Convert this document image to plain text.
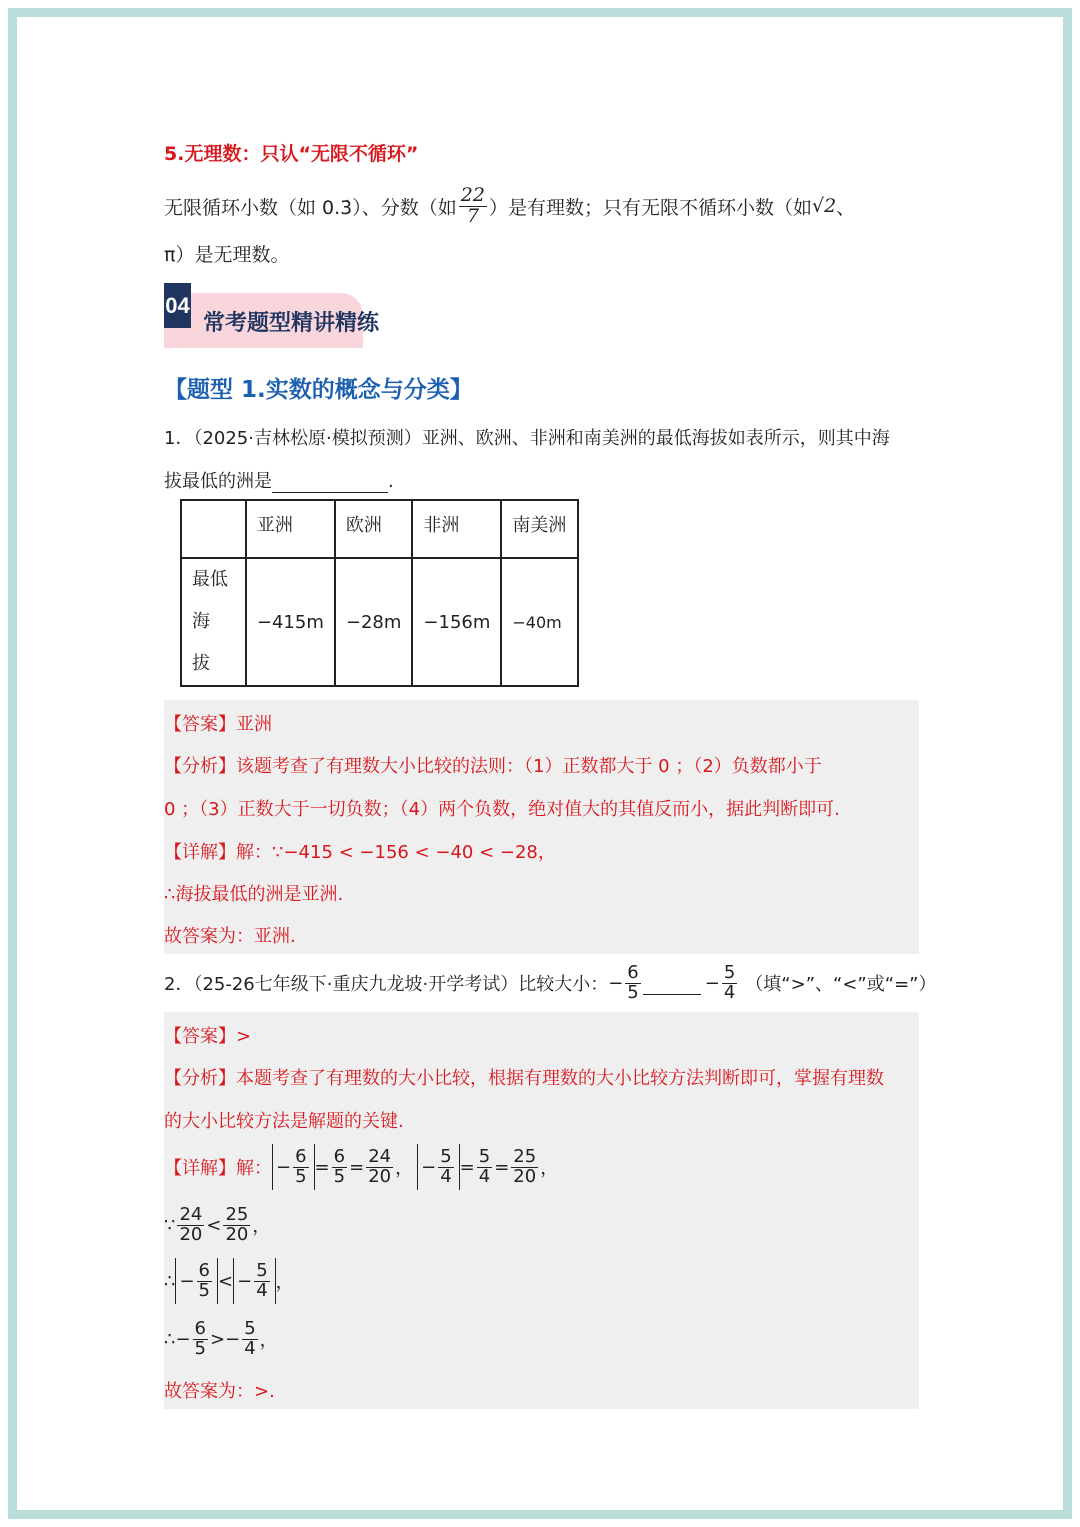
5.无理数：只认“无限不循环”
无限循环小数（如 0.3̇）、分数（如 $\frac{22}{7}$ ）是有理数；只有无限不循环小数（如 √2 、
π）是无理数。
04
常考题型精讲精练
【题型 1.实数的概念与分类】
1．（2025·吉林松原·模拟预测）亚洲、欧洲、非洲和南美洲的最低海拔如表所示，则其中海
拔最低的洲是	.
	亚洲	欧洲	非洲	南美洲

最低海
拔	−415m	−28m	−156m	−40m
【答案】亚洲
【分析】该题考查了有理数大小比较的法则：（1）正数都大于 0 ；（2）负数都小于
0 ；（3）正数大于一切负数；（4）两个负数，绝对值大的其值反而小，据此判断即可.
【详解】解：∵−415 < −156 < −40 < −28，
∴海拔最低的洲是亚洲.
故答案为：亚洲.
2．（25-26七年级下·重庆九龙坡·开学考试）比较大小： − $\frac{6}{5}$	− $\frac{5}{4}$ （填“>”、“<”或“=”）
【答案】>
【分析】本题考查了有理数的大小比较，根据有理数的大小比较方法判断即可，掌握有理数
的大小比较方法是解题的关键.
【详解】 解： − $\frac{6}{5} = \frac{6}{5} = \frac{24}{20}$ ， − $\frac{5}{4} = \frac{5}{4} = \frac{25}{20}$ ，
∵ $\frac{24}{20} < \frac{25}{20}$ ，
∴ − $\frac{6}{5}$ < − $\frac{5}{4}$ ，
∴ − $\frac{6}{5}$ > − $\frac{5}{4}$ ，
故答案为：>.
